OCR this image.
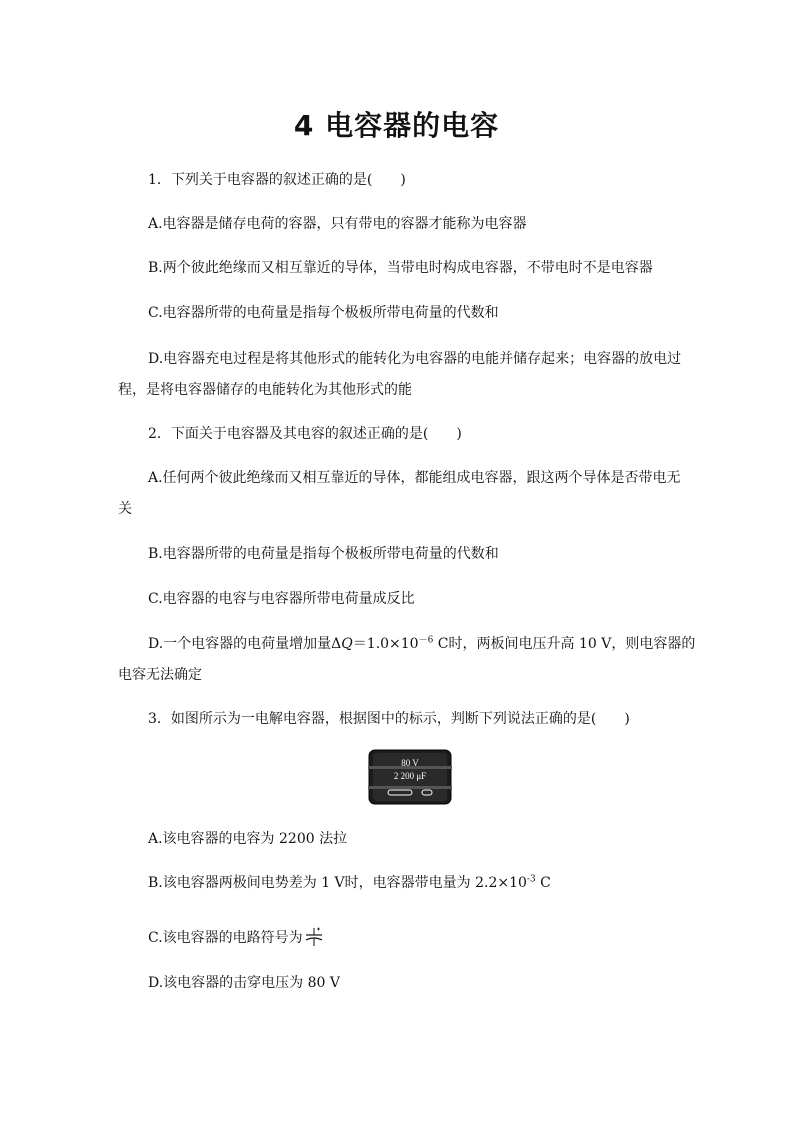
4 电容器的电容
1．下列关于电容器的叙述正确的是(　　)
A.电容器是储存电荷的容器，只有带电的容器才能称为电容器
B.两个彼此绝缘而又相互靠近的导体，当带电时构成电容器，不带电时不是电容器
C.电容器所带的电荷量是指每个极板所带电荷量的代数和
D.电容器充电过程是将其他形式的能转化为电容器的电能并储存起来；电容器的放电过
程，是将电容器储存的电能转化为其他形式的能
2．下面关于电容器及其电容的叙述正确的是(　　)
A.任何两个彼此绝缘而又相互靠近的导体，都能组成电容器，跟这两个导体是否带电无
关
B.电容器所带的电荷量是指每个极板所带电荷量的代数和
C.电容器的电容与电容器所带电荷量成反比
D.一个电容器的电荷量增加量$\Delta Q=1.0\times 10^{-6}$ C时，两板间电压升高 10 V，则电容器的
电容无法确定
3．如图所示为一电解电容器，根据图中的标示，判断下列说法正确的是(　　)
80 V
2 200 μF
A.该电容器的电容为 2200 法拉
B.该电容器两极间电势差为 1 V时，电容器带电量为 $2.2\times 10^{-3}$ C
C.该电容器的电路符号为
D.该电容器的击穿电压为 80 V
